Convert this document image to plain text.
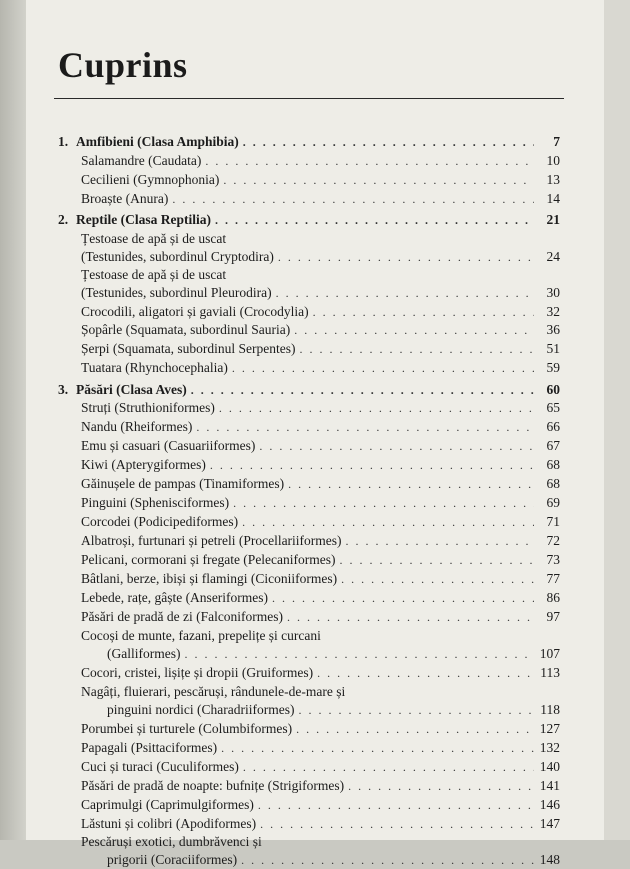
Cuprins
1. Amfibieni (Clasa Amphibia) . . .	7
Salamandre (Caudata) . . .	10
Cecilieni (Gymnophonia) . . .	13
Broaște (Anura) . . .	14
2. Reptile (Clasa Reptilia) . . .	21
Țestoase de apă și de uscat
(Testunides, subordinul Cryptodira) . . .	24
Țestoase de apă și de uscat
(Testunides, subordinul Pleurodira) . . .	30
Crocodili, aligatori și gaviali (Crocodylia) . . .	32
Șopârle (Squamata, subordinul Sauria) . . .	36
Șerpi (Squamata, subordinul Serpentes) . . .	51
Tuatara (Rhynchocephalia) . . .	59
3. Păsări (Clasa Aves) . . .	60
Struți (Struthioniformes) . . .	65
Nandu (Rheiformes) . . .	66
Emu și casuari (Casuariiformes) . . .	67
Kiwi (Apterygiformes) . . .	68
Găinușele de pampas (Tinamiformes) . . .	68
Pinguini (Sphenisciformes) . . .	69
Corcodei (Podicipediformes) . . .	71
Albatroși, furtunari și petreli (Procellariiformes) . . .	72
Pelicani, cormorani și fregate (Pelecaniformes) . . .	73
Bâtlani, berze, ibiși și flamingi (Ciconiiformes) . . .	77
Lebede, rațe, gâște (Anseriformes) . . .	86
Păsări de pradă de zi (Falconiformes) . . .	97
Cocoși de munte, fazani, prepelițe și curcani
(Galliformes) . . .	107
Cocori, cristei, lișițe și dropii (Gruiformes) . . .	113
Nagâți, fluierari, pescăruși, rândunele-de-mare și
pinguini nordici (Charadriiformes) . . .	118
Porumbei și turturele (Columbiformes) . . .	127
Papagali (Psittaciformes) . . .	132
Cuci și turaci (Cuculiformes) . . .	140
Păsări de pradă de noapte: bufnițe (Strigiformes) . . .	141
Caprimulgi (Caprimulgiformes) . . .	146
Lăstuni și colibri (Apodiformes) . . .	147
Pescăruși exotici, dumbrăvenci și
prigorii (Coraciiformes) . . .	148
